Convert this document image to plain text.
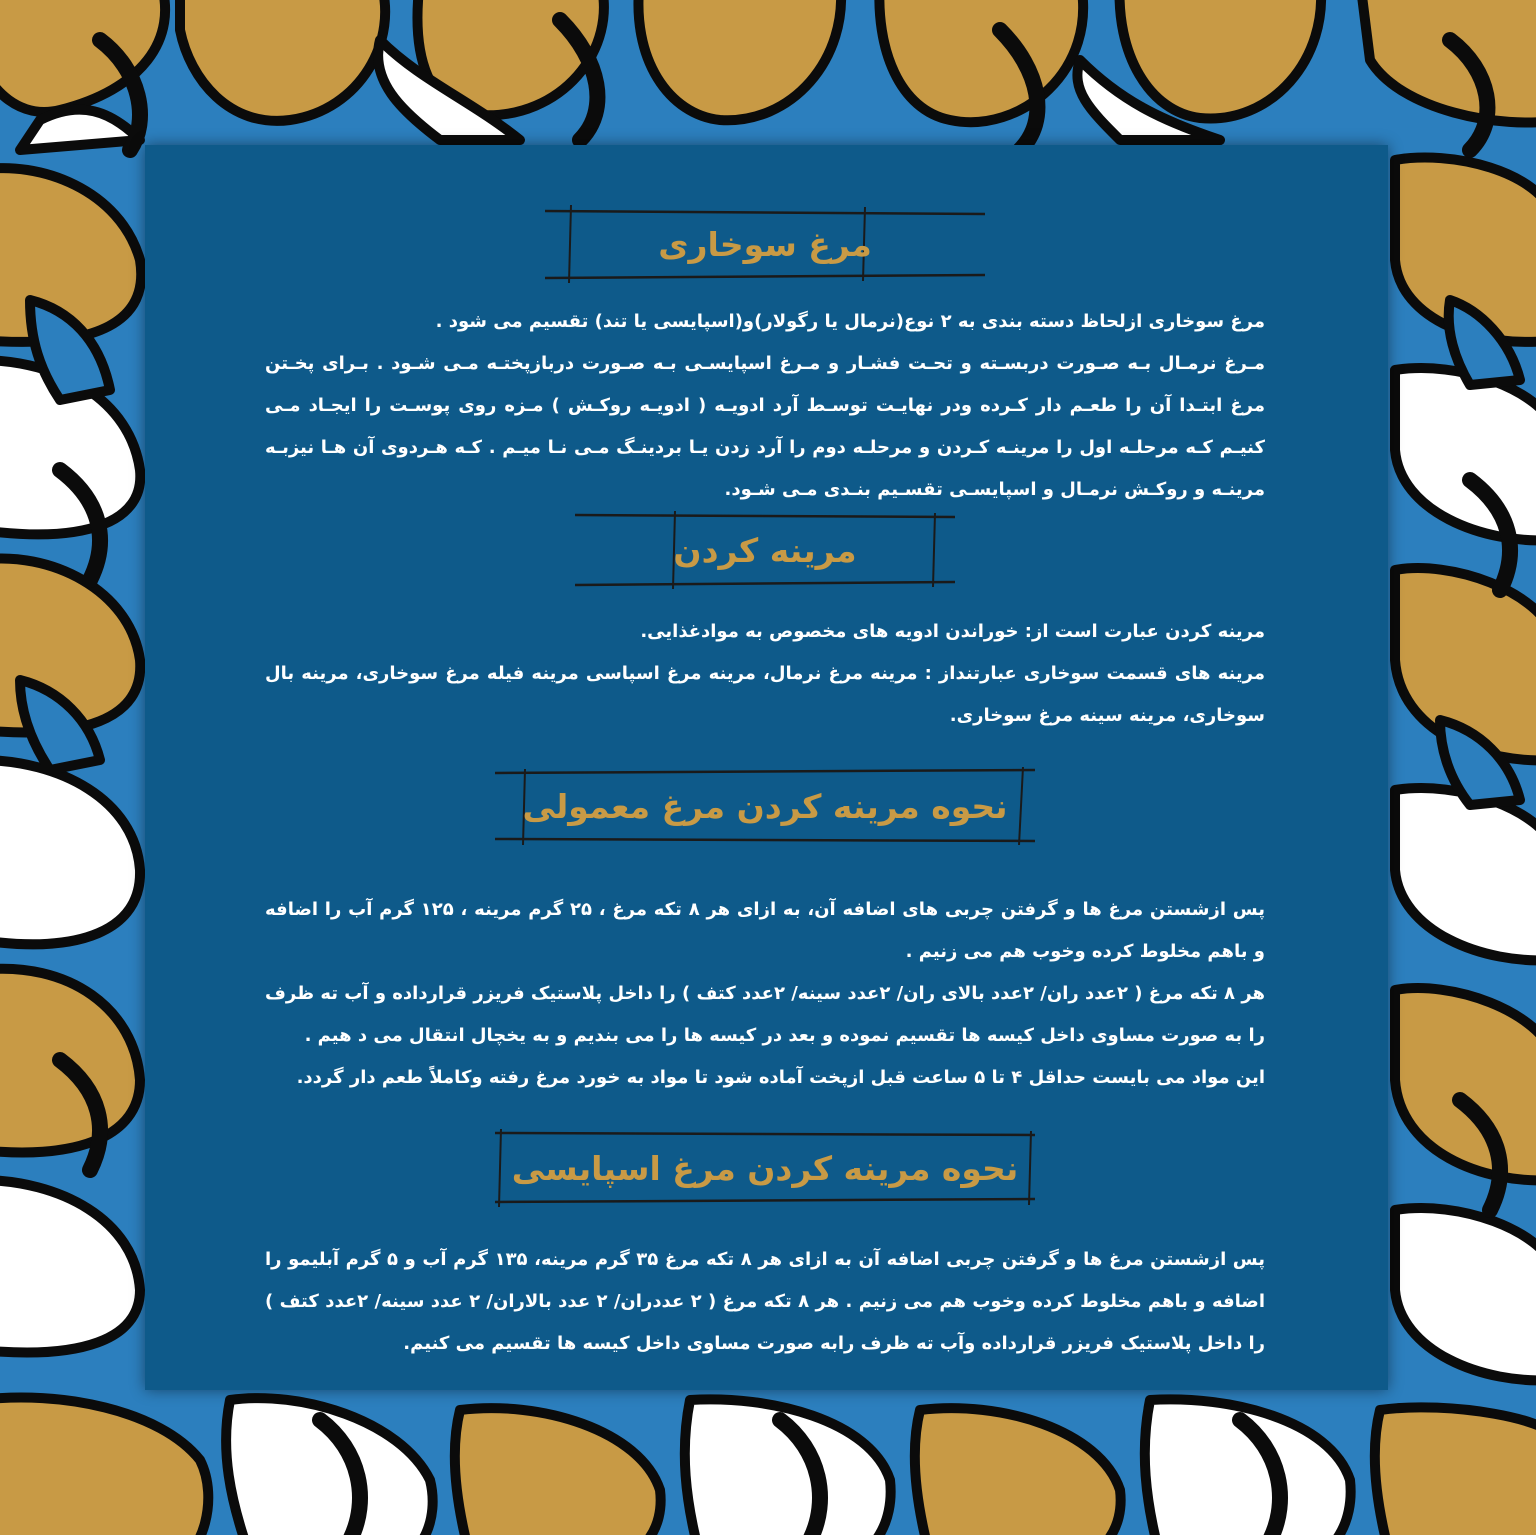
مرغ سوخاری

مرغ سوخاری ازلحاظ دسته بندی به ۲ نوع(نرمال یا رگولار)و(اسپایسی یا تند) تقسیم می شود .

مـرغ نرمـال بـه صـورت دربسـته و تحـت فشـار و مـرغ اسپایسـی بـه صـورت دربازپختـه مـی شـود . بـرای پخـتن مرغ ابتـدا آن را طعـم دار کـرده ودر نهایـت توسـط آرد ادویـه ( ادویـه روکـش ) مـزه روی پوسـت را ایجـاد مـی کنیـم کـه مرحلـه اول را مرینـه کـردن و مرحلـه دوم را آرد زدن یـا بردینـگ مـی نـا میـم . کـه هـردوی آن هـا نیزبـه مرینـه و روکـش نرمـال و اسپایسـی تقسـیم بنـدی مـی شـود.

مرینه کردن

مرینه کردن عبارت است از: خوراندن ادویه های مخصوص به موادغذایی.

مرینه های قسمت سوخاری عبارتنداز : مرینه مرغ نرمال، مرینه مرغ اسپاسی مرینه فیله مرغ سوخاری، مرینه بال سوخاری، مرینه سینه مرغ سوخاری.

نحوه مرینه کردن مرغ معمولی

پس ازشستن مرغ ها و گرفتن چربی های اضافه آن، به ازای هر ۸ تکه مرغ ، ۲۵ گرم مرینه ، ۱۲۵ گرم آب را اضافه و باهم مخلوط کرده وخوب هم می زنیم .

هر ۸ تکه مرغ ( ۲عدد ران/ ۲عدد بالای ران/ ۲عدد سینه/ ۲عدد کتف ) را داخل پلاستیک فریزر قرارداده و آب ته ظرف را به صورت مساوی داخل کیسه ها تقسیم نموده و بعد در کیسه ها را می بندیم و به یخچال انتقال می د هیم .

این مواد می بایست حداقل ۴ تا ۵ ساعت قبل ازپخت آماده شود تا مواد به خورد مرغ رفته وکاملاً طعم دار گردد.

نحوه مرینه کردن مرغ اسپایسی

پس ازشستن مرغ ها و گرفتن چربی اضافه آن به ازای هر ۸ تکه مرغ ۳۵ گرم مرینه، ۱۳۵ گرم آب و ۵ گرم آبلیمو را اضافه و باهم مخلوط کرده وخوب هم می زنیم . هر ۸ تکه مرغ ( ۲ عددران/ ۲ عدد بالاران/ ۲ عدد سینه/ ۲عدد کتف ) را داخل پلاستیک فریزر قرارداده وآب ته ظرف رابه صورت مساوی داخل کیسه ها تقسیم می کنیم.
